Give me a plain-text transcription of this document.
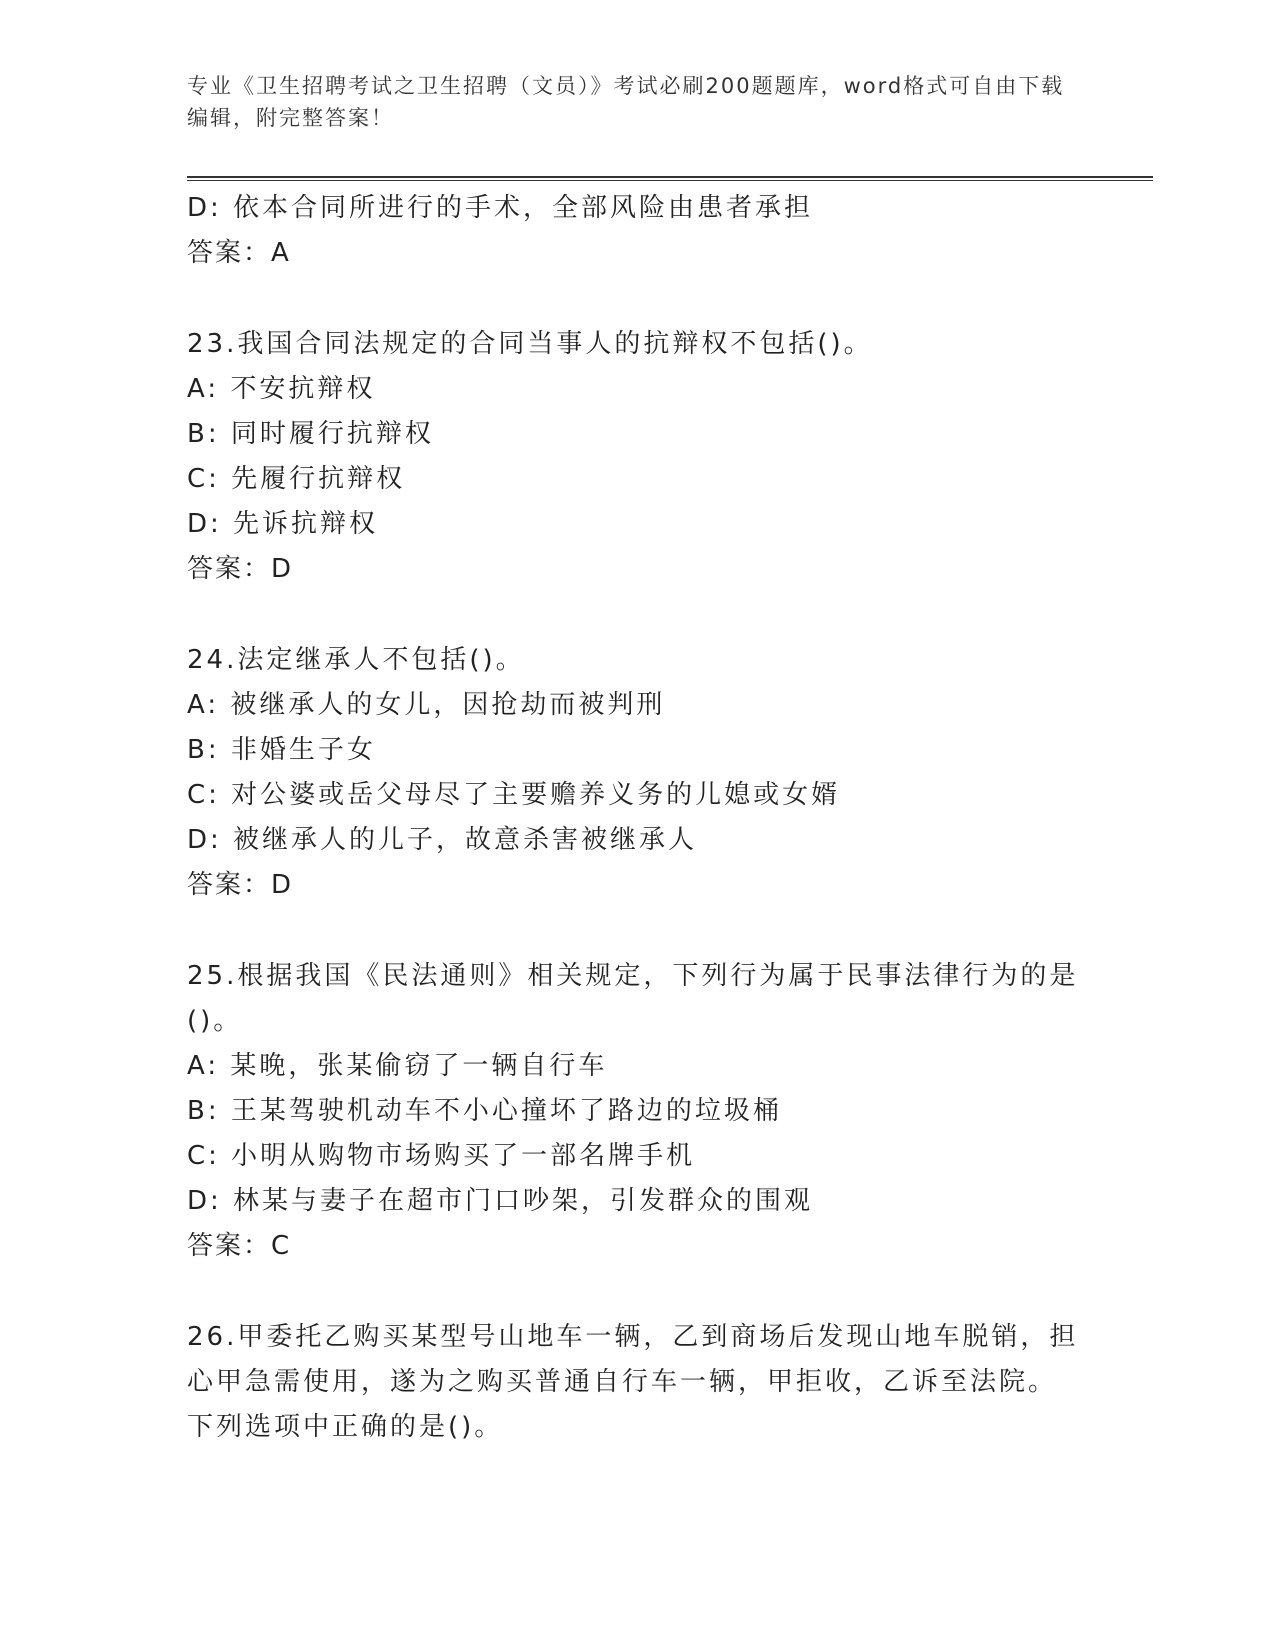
专业《卫生招聘考试之卫生招聘（文员）》考试必刷200题题库，word格式可自由下载编辑，附完整答案！
D: 依本合同所进行的手术，全部风险由患者承担
答案：A
23.我国合同法规定的合同当事人的抗辩权不包括()。
A: 不安抗辩权
B: 同时履行抗辩权
C: 先履行抗辩权
D: 先诉抗辩权
答案：D
24.法定继承人不包括()。
A: 被继承人的女儿，因抢劫而被判刑
B: 非婚生子女
C: 对公婆或岳父母尽了主要赡养义务的儿媳或女婿
D: 被继承人的儿子，故意杀害被继承人
答案：D
25.根据我国《民法通则》相关规定，下列行为属于民事法律行为的是
()。
A: 某晚，张某偷窃了一辆自行车
B: 王某驾驶机动车不小心撞坏了路边的垃圾桶
C: 小明从购物市场购买了一部名牌手机
D: 林某与妻子在超市门口吵架，引发群众的围观
答案：C
26.甲委托乙购买某型号山地车一辆，乙到商场后发现山地车脱销，担
心甲急需使用，遂为之购买普通自行车一辆，甲拒收，乙诉至法院。
下列选项中正确的是()。
